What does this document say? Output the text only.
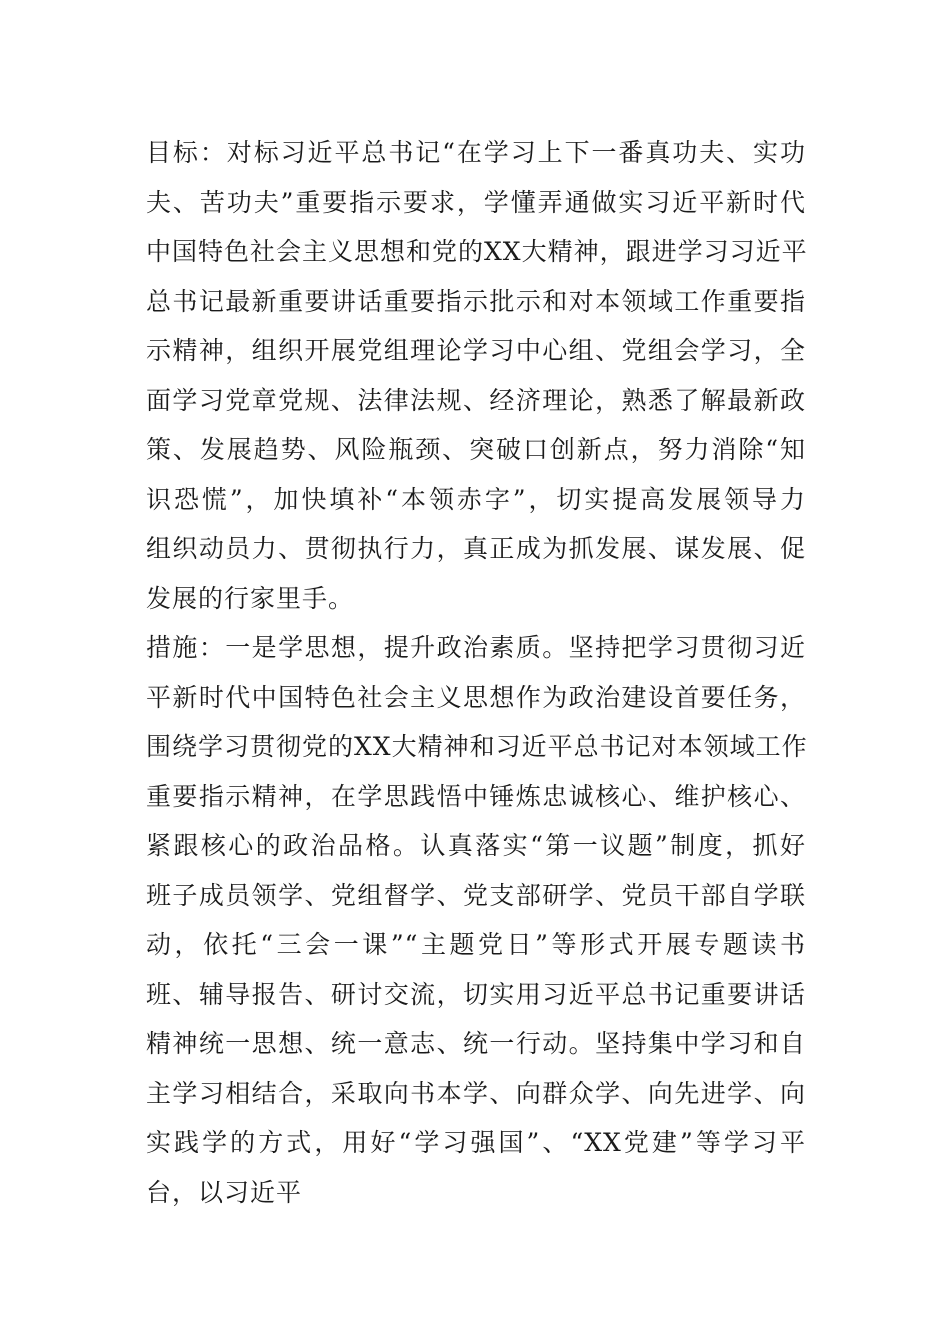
目标：对标习近平总书记“在学习上下一番真功夫、实功
夫、苦功夫”重要指示要求，学懂弄通做实习近平新时代
中国特色社会主义思想和党的XX大精神，跟进学习习近平
总书记最新重要讲话重要指示批示和对本领域工作重要指
示精神，组织开展党组理论学习中心组、党组会学习，全
面学习党章党规、法律法规、经济理论，熟悉了解最新政
策、发展趋势、风险瓶颈、突破口创新点，努力消除“知
识恐慌”，加快填补“本领赤字”，切实提高发展领导力
组织动员力、贯彻执行力，真正成为抓发展、谋发展、促
发展的行家里手。
措施：一是学思想，提升政治素质。坚持把学习贯彻习近
平新时代中国特色社会主义思想作为政治建设首要任务，
围绕学习贯彻党的XX大精神和习近平总书记对本领域工作
重要指示精神，在学思践悟中锤炼忠诚核心、维护核心、
紧跟核心的政治品格。认真落实“第一议题”制度，抓好
班子成员领学、党组督学、党支部研学、党员干部自学联
动，依托“三会一课”“主题党日”等形式开展专题读书
班、辅导报告、研讨交流，切实用习近平总书记重要讲话
精神统一思想、统一意志、统一行动。坚持集中学习和自
主学习相结合，采取向书本学、向群众学、向先进学、向
实践学的方式，用好“学习强国”、“XX党建”等学习平
台，以习近平
